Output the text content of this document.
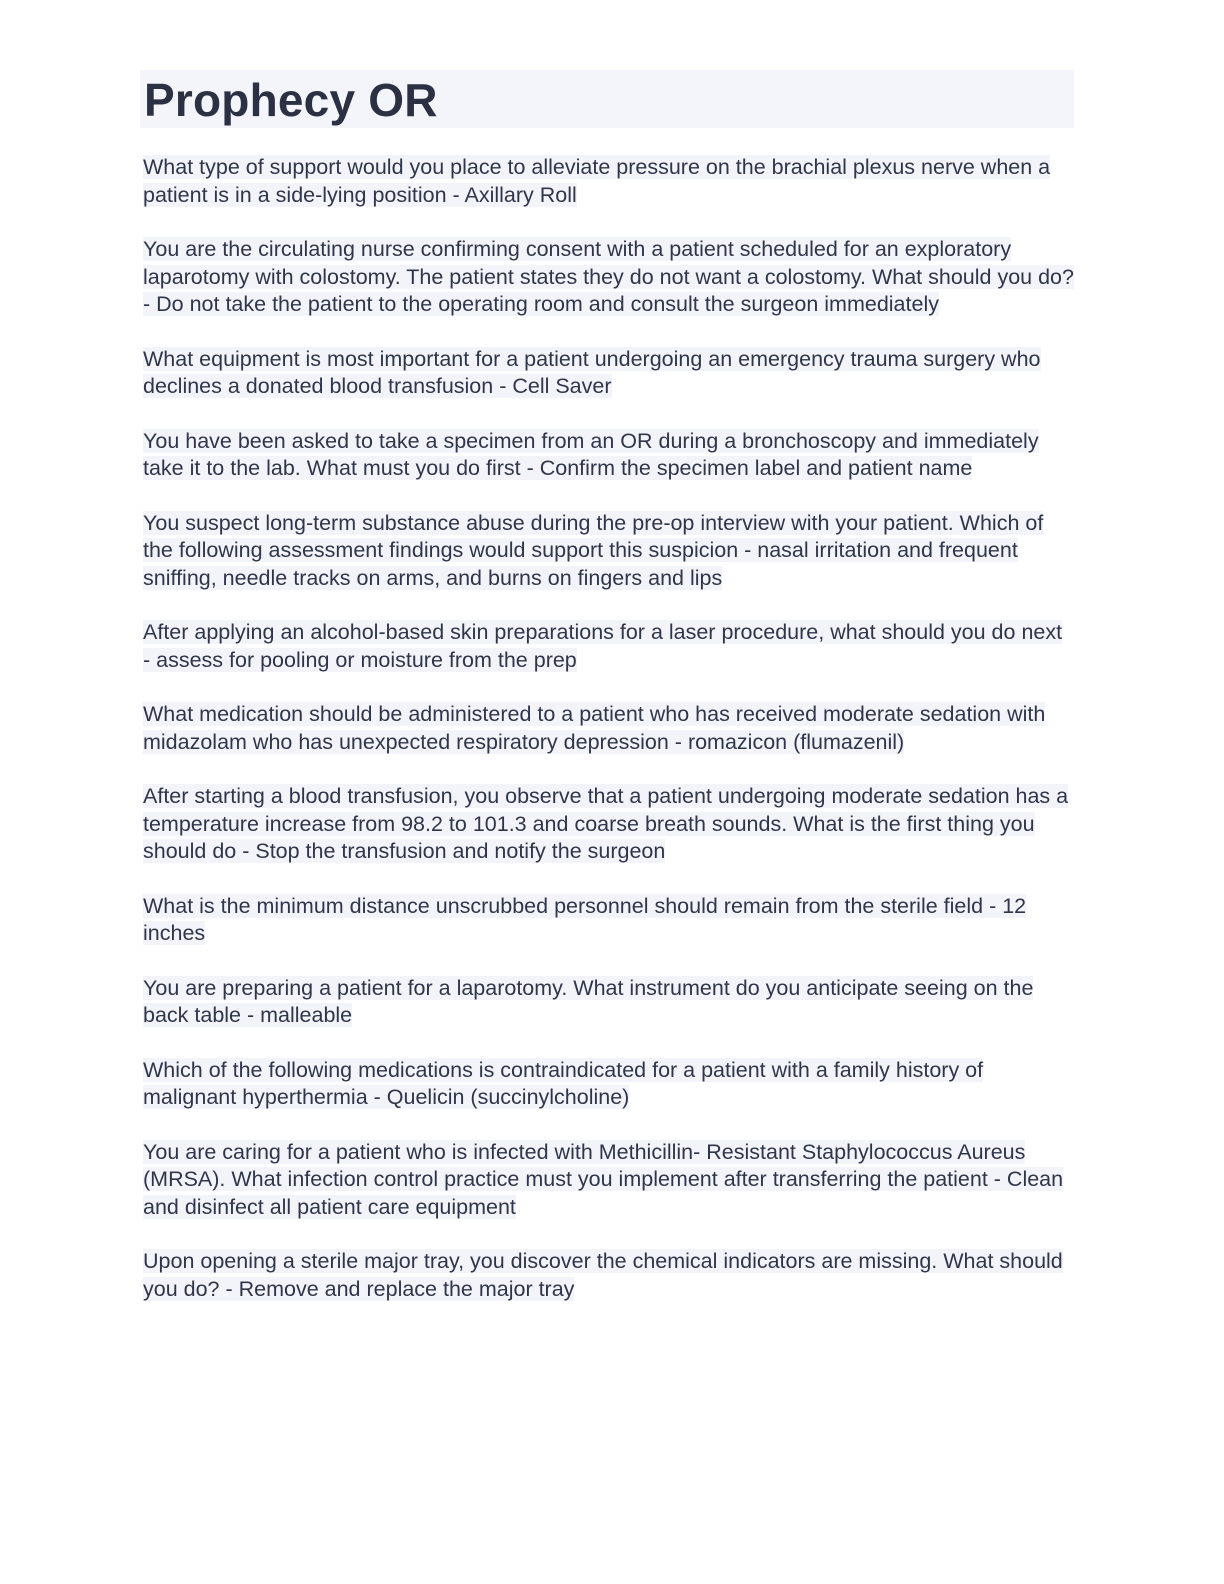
Prophecy OR

What type of support would you place to alleviate pressure on the brachial plexus nerve when a patient is in a side-lying position - Axillary Roll

You are the circulating nurse confirming consent with a patient scheduled for an exploratory laparotomy with colostomy. The patient states they do not want a colostomy. What should you do? - Do not take the patient to the operating room and consult the surgeon immediately

What equipment is most important for a patient undergoing an emergency trauma surgery who declines a donated blood transfusion - Cell Saver

You have been asked to take a specimen from an OR during a bronchoscopy and immediately take it to the lab. What must you do first - Confirm the specimen label and patient name

You suspect long-term substance abuse during the pre-op interview with your patient. Which of the following assessment findings would support this suspicion - nasal irritation and frequent sniffing, needle tracks on arms, and burns on fingers and lips

After applying an alcohol-based skin preparations for a laser procedure, what should you do next - assess for pooling or moisture from the prep

What medication should be administered to a patient who has received moderate sedation with midazolam who has unexpected respiratory depression - romazicon (flumazenil)

After starting a blood transfusion, you observe that a patient undergoing moderate sedation has a temperature increase from 98.2 to 101.3 and coarse breath sounds. What is the first thing you should do - Stop the transfusion and notify the surgeon

What is the minimum distance unscrubbed personnel should remain from the sterile field - 12 inches

You are preparing a patient for a laparotomy. What instrument do you anticipate seeing on the back table - malleable

Which of the following medications is contraindicated for a patient with a family history of malignant hyperthermia - Quelicin (succinylcholine)

You are caring for a patient who is infected with Methicillin- Resistant Staphylococcus Aureus (MRSA). What infection control practice must you implement after transferring the patient - Clean and disinfect all patient care equipment

Upon opening a sterile major tray, you discover the chemical indicators are missing. What should you do? - Remove and replace the major tray
